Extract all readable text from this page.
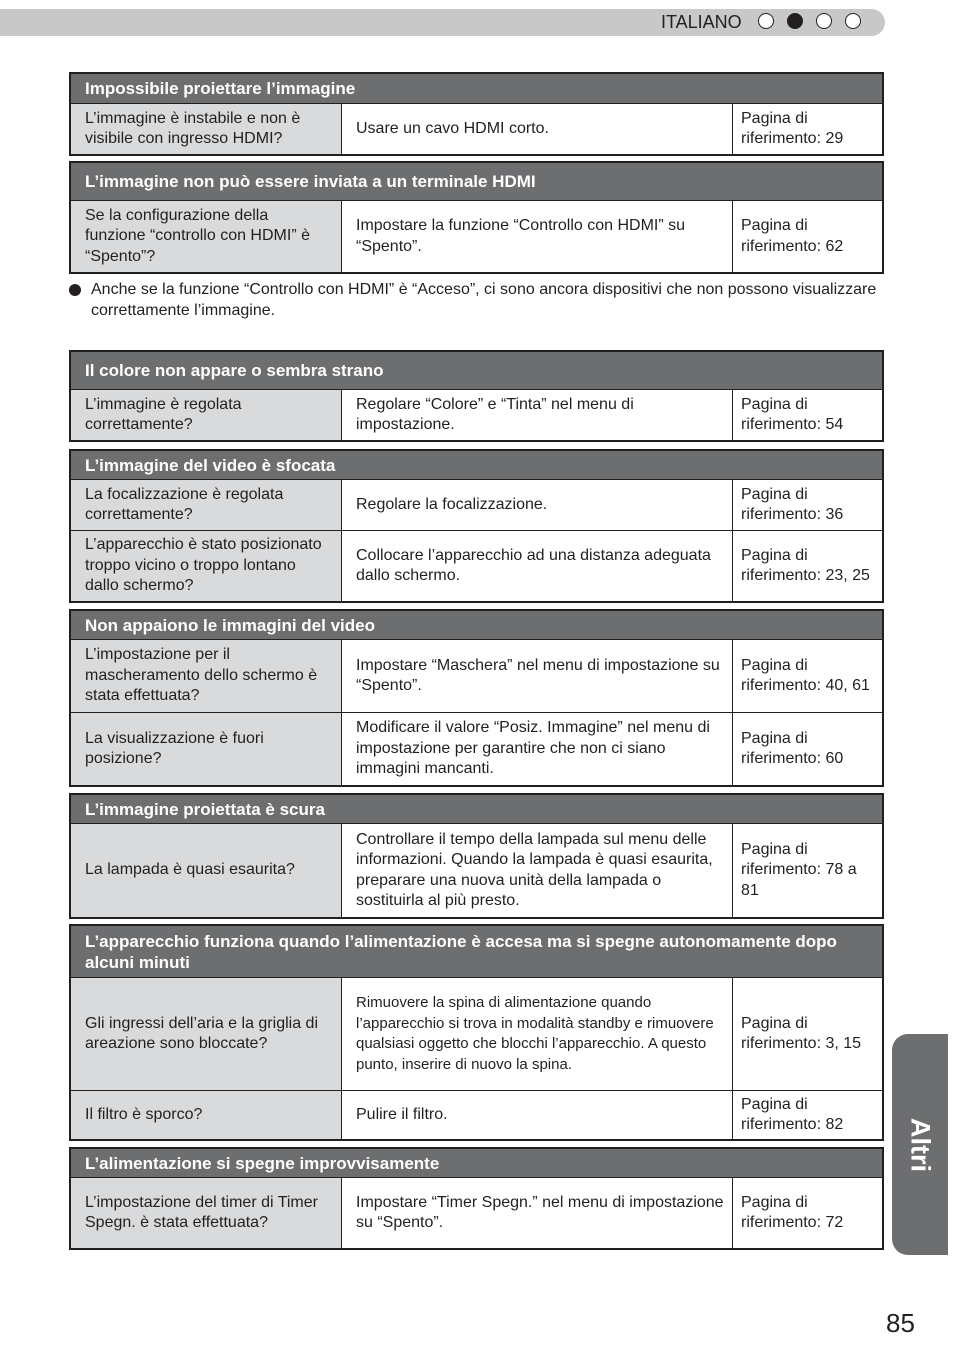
ITALIANO
Impossibile proiettare l’immagine
L’immagine è instabile e non è visibile con ingresso HDMI?
Usare un cavo HDMI corto.
Pagina di riferimento: 29
L’immagine non può essere inviata a un terminale HDMI
Se la configurazione della funzione “controllo con HDMI” è “Spento”?
Impostare la funzione “Controllo con HDMI” su “Spento”.
Pagina di riferimento: 62
Anche se la funzione “Controllo con HDMI” è “Acceso”, ci sono ancora dispositivi che non possono visualizzare correttamente l’immagine.
Il colore non appare o sembra strano
L’immagine è regolata correttamente?
Regolare “Colore” e “Tinta” nel menu di impostazione.
Pagina di riferimento: 54
L’immagine del video è sfocata
La focalizzazione è regolata correttamente?
Regolare la focalizzazione.
Pagina di riferimento: 36
L’apparecchio è stato posizionato troppo vicino o troppo lontano dallo schermo?
Collocare l’apparecchio ad una distanza adeguata dallo schermo.
Pagina di riferimento: 23, 25
Non appaiono le immagini del video
L’impostazione per il mascheramento dello schermo è stata effettuata?
Impostare “Maschera” nel menu di impostazione su “Spento”.
Pagina di riferimento: 40, 61
La visualizzazione è fuori posizione?
Modificare il valore “Posiz. Immagine” nel menu di impostazione per garantire che non ci siano immagini mancanti.
Pagina di riferimento: 60
L’immagine proiettata è scura
La lampada è quasi esaurita?
Controllare il tempo della lampada sul menu delle informazioni. Quando la lampada è quasi esaurita, preparare una nuova unità della lampada o sostituirla al più presto.
Pagina di riferimento: 78 a 81
L’apparecchio funziona quando l’alimentazione è accesa ma si spegne autonomamente dopo alcuni minuti
Gli ingressi dell’aria e la griglia di areazione sono bloccate?
Rimuovere la spina di alimentazione quando l’apparecchio si trova in modalità standby e rimuovere qualsiasi oggetto che blocchi l’apparecchio. A questo punto, inserire di nuovo la spina.
Pagina di riferimento: 3, 15
Il filtro è sporco?	Pulire il filtro.
Pagina di riferimento: 82
L’alimentazione si spegne improvvisamente
L’impostazione del timer di Timer Spegn. è stata effettuata?
Impostare “Timer Spegn.” nel menu di impostazione su “Spento”.
Pagina di riferimento: 72
Altri
85
